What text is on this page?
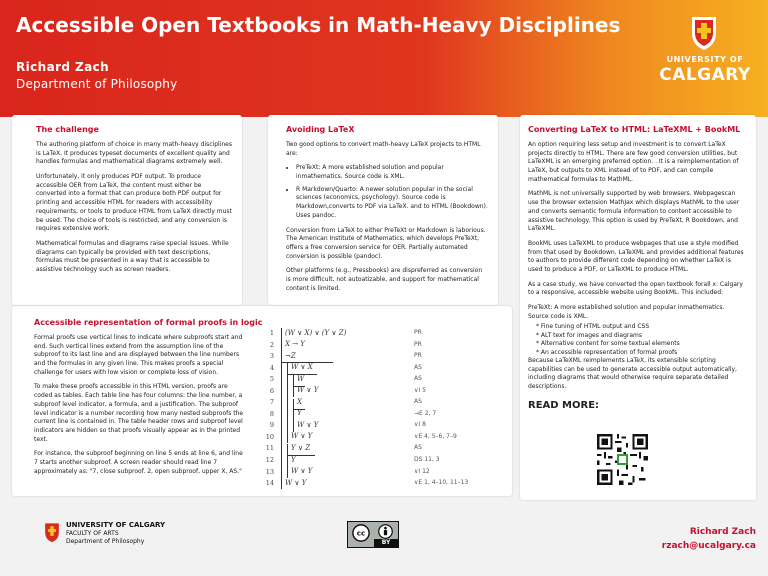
Accessible Open Textbooks in Math-Heavy Disciplines
Richard Zach
Department of Philosophy
UNIVERSITY OF
CALGARY
The challenge
The authoring platform of choice in many math-heavy disciplines is LaTeX. It produces typeset documents of excellent quality and handles formulas and mathematical diagrams extremely well.
Unfortunately, it only produces PDF output. To produce accessible OER from LaTeX, the content must either be converted into a format that can produce both PDF output for printing and accessible HTML for readers with accessibility requirements, or tools to produce HTML from LaTeX directly must be used. The choice of tools is restricted, and any conversion is requires extensive work.
Mathematical formulas and diagrams raise special issues. While diagrams can typically be provided with text descriptions, formulas must be presented in a way that is accessible to assistive technology such as screen readers.
Avoiding LaTeX
Two good options to convert math-heavy LaTeX projects to HTML are:
• PreTeXt: A more established solution and popular inmathematics. Source code is XML.
• R Markdown/Quarto: A newer solution popular in the social sciences (economics, psychology). Source code is Markdown,converts to PDF via LaTeX. and to HTML (Bookdown). Uses pandoc.
Conversion from LaTeX to either PreTeXt or Markdown is laborious. The American Institute of Mathematics, which develops PreTeXt, offers a free conversion service for OER. Partially automated conversion is possible (pandoc).
Other platforms (e.g., Pressbooks) are dispreferred as conversion is more difficult, not autoatizable, and support for mathematical content is limited.
Converting LaTeX to HTML: LaTeXML + BookML
An option requiring less setup and investment is to convert LaTeX projects directly to HTML. There are few good conversion utilities, but LaTeXML is an emerging preferred option. . It is a reimplementation of LaTeX, but outputs to XML instead of to PDF, and can compile mathematical formulas to MathML.
MathML is not universally supported by web browsers. Webpagescan use the browser extension MathJax which displays MathML to the user and converts semantic formula information to content accessible to assistive technology. This option is used by PreTeXt, R Bookdown, and LaTeXML.
BookML uses LaTeXML to produce webpages that use a style modified from that used by Bookdown. LaTeXML and provides additional features to authors to provide different code depending on whether LaTeX is used to produce a PDF, or LaTeXML to produce HTML.
As a case study, we have converted the open textbook forall x: Calgary to a responsive, accessible website using BookML. This included:
PreTeXt: A more established solution and popular inmathematics. Source code is XML.
* Fine tuning of HTML output and CSS
* ALT text for images and diagrams
* Alternative content for some textual elements
* An accessible representation of formal proofs
Because LaTeXML reimplements LaTeX, its extensible scripting capabilities can be used to generate accessible output automatically, including diagrams that would otherwise require separate detailed descriptions.
READ MORE:
Accessible representation of formal proofs in logic
Formal proofs use vertical lines to indicate where subproofs start and end. Such vertical lines extend from the assumption line of the subproof to its last line and are displayed between the line numbers and the formulas in any given line. This makes proofs a special challenge for users with low vision or complete loss of vision.
To make these proofs accessible in this HTML version, proofs are coded as tables. Each table line has four columns: the line number, a subproof level indicator, a formula, and a justification. The subproof level indicator is a number recording how many nested subproofs the current line is contained in. The table header rows and subproof level indicators are hidden so that proofs visually appear as in the printed text.
For instance, the subproof beginning on line 5 ends at line 6, and line 7 starts another subproof. A screen reader should read line 7 approximately as: "7, close subproof. 2, open subproof, upper X, AS."
1 (W ∨ X) ∨ (Y ∨ Z)	PR
2 X → Y	PR
3 ¬Z	PR
4 W ∨ X	AS
5	W	AS
6	W ∨ Y	∨I 5
7	X	AS
8	Y	→E 2, 7
9	W ∨ Y	∨I 8
10 W ∨ Y	∨E 4, 5–6, 7–9
11 Y ∨ Z	AS
12 Y	DS 11, 3
13 W ∨ Y	∨I 12
14 W ∨ Y	∨E 1, 4–10, 11–13
UNIVERSITY OF CALGARY
FACULTY OF ARTS
Department of Philosophy
cc
BY
Richard Zach
rzach@ucalgary.ca
